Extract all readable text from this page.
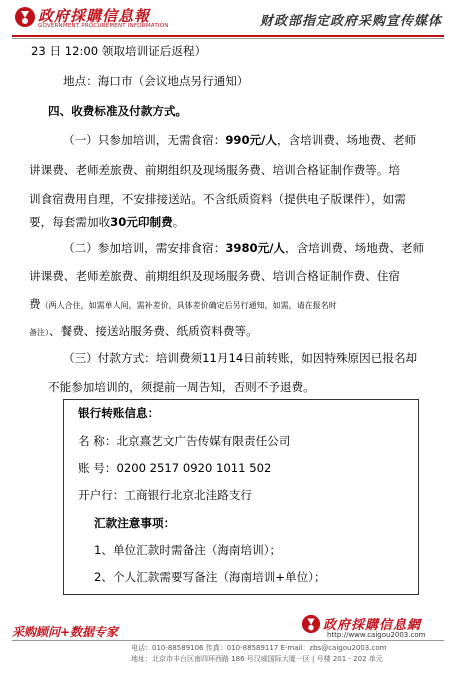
政府採購信息報
GOVERNMENT PROCUREMENT INFORMATION	财政部指定政府采购宣传媒体
23 日 12:00 领取培训证后返程）
地点：海口市（会议地点另行通知）
四、收费标准及付款方式。
（一）只参加培训，无需食宿：990元/人，含培训费、场地费、老师
讲课费、老师差旅费、前期组织及现场服务费、培训合格证制作费等。培
训食宿费用自理，不安排接送站。不含纸质资料（提供电子版课件），如需
要，每套需加收30元印制费。
（二）参加培训，需安排食宿：3980元/人，含培训费、场地费、老师
讲课费、老师差旅费、前期组织及现场服务费、培训合格证制作费、住宿
费（两人合住，如需单人间，需补差价，具体差价确定后另行通知，如需，请在报名时
备注）、餐费、接送站服务费、纸质资料费等。
（三）付款方式：培训费须11月14日前转账，如因特殊原因已报名却
不能参加培训的，须提前一周告知，否则不予退费。
银行转账信息：
名 称：北京熹艺文广告传媒有限责任公司
账 号：0200 2517 0920 1011 502
开户行：工商银行北京北洼路支行
汇款注意事项：
1、单位汇款时需备注（海南培训）；
2、个人汇款需要写备注（海南培训+单位）；
采购顾问+数据专家	政府採購信息網
http://www.caigou2003.com
电话：010-88589106 传真：010-88589117 E-mail：zbs@caigou2003.com
地址：北京市丰台区南四环西路 186 号汉威国际大厦一区 | 号楼 201 - 202 单元
